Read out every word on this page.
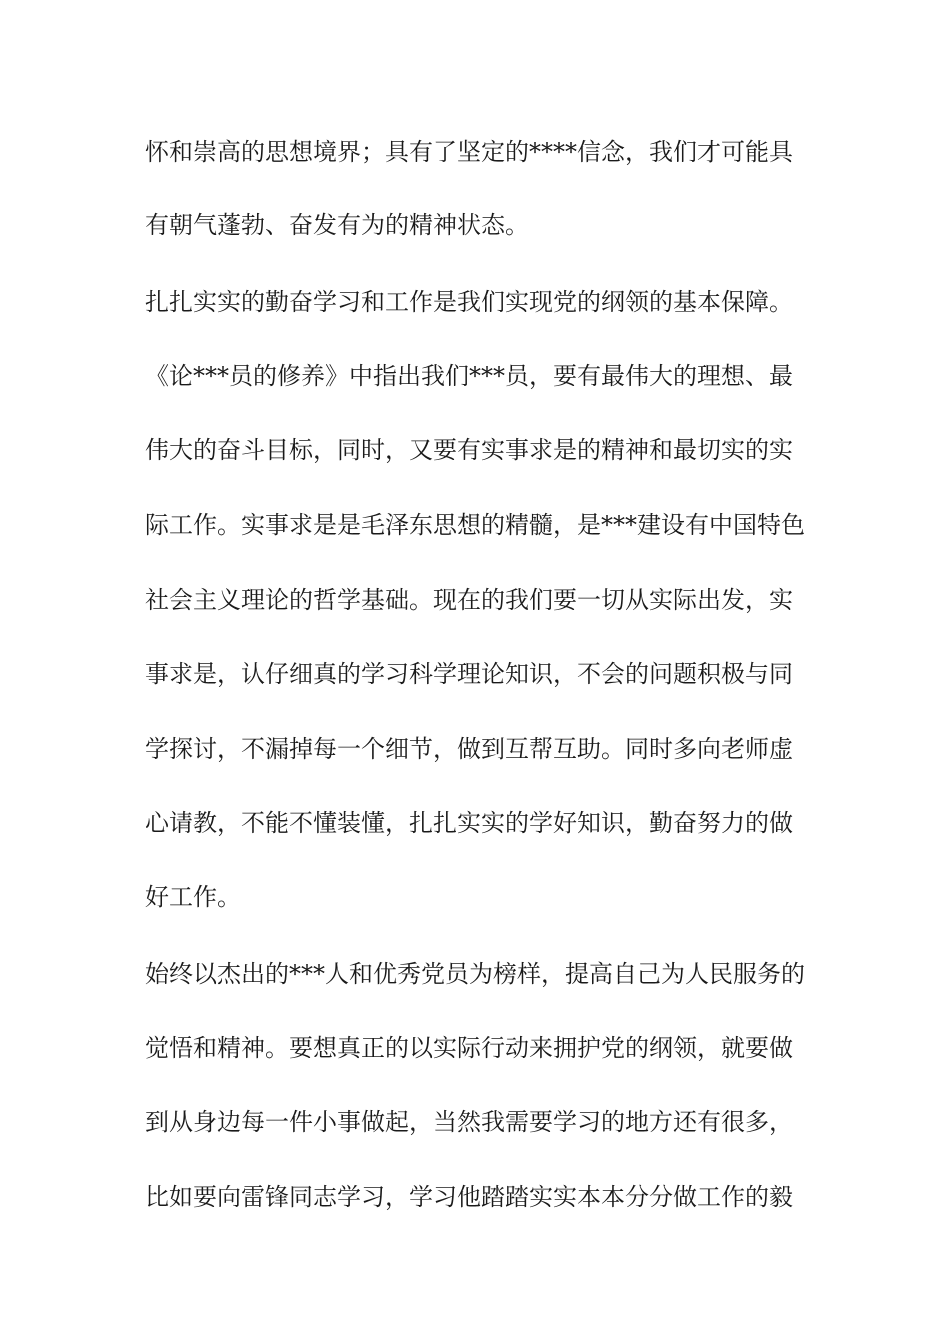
怀和崇高的思想境界；具有了坚定的****信念，我们才可能具
有朝气蓬勃、奋发有为的精神状态。
扎扎实实的勤奋学习和工作是我们实现党的纲领的基本保障。
《论***员的修养》中指出我们***员，要有最伟大的理想、最
伟大的奋斗目标，同时，又要有实事求是的精神和最切实的实
际工作。实事求是是毛泽东思想的精髓，是***建设有中国特色
社会主义理论的哲学基础。现在的我们要一切从实际出发，实
事求是，认仔细真的学习科学理论知识，不会的问题积极与同
学探讨，不漏掉每一个细节，做到互帮互助。同时多向老师虚
心请教，不能不懂装懂，扎扎实实的学好知识，勤奋努力的做
好工作。
始终以杰出的***人和优秀党员为榜样，提高自己为人民服务的
觉悟和精神。要想真正的以实际行动来拥护党的纲领，就要做
到从身边每一件小事做起，当然我需要学习的地方还有很多，
比如要向雷锋同志学习，学习他踏踏实实本本分分做工作的毅
